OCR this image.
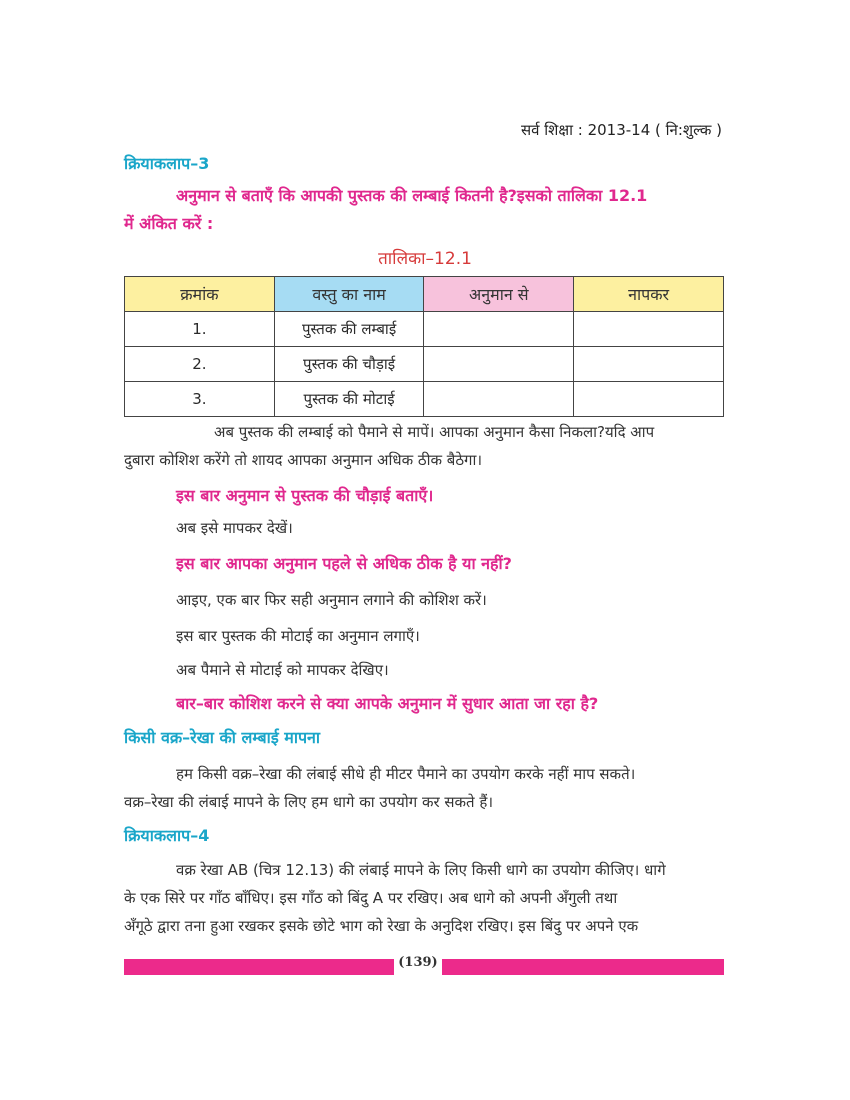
सर्व शिक्षा : 2013-14 ( नि:शुल्क )
क्रियाकलाप–3
अनुमान से बताएँ कि आपकी पुस्तक की लम्बाई कितनी है?इसको तालिका 12.1
में अंकित करें :
तालिका–12.1
क्रमांक	वस्तु का नाम	अनुमान से	नापकर
1.	पुस्तक की लम्बाई		
2.	पुस्तक की चौड़ाई		
3.	पुस्तक की मोटाई		
अब पुस्तक की लम्बाई को पैमाने से मापें। आपका अनुमान कैसा निकला?यदि आप
दुबारा कोशिश करेंगे तो शायद आपका अनुमान अधिक ठीक बैठेगा।
इस बार अनुमान से पुस्तक की चौड़ाई बताएँ।
अब इसे मापकर देखें।
इस बार आपका अनुमान पहले से अधिक ठीक है या नहीं?
आइए, एक बार फिर सही अनुमान लगाने की कोशिश करें।
इस बार पुस्तक की मोटाई का अनुमान लगाएँ।
अब पैमाने से मोटाई को मापकर देखिए।
बार–बार कोशिश करने से क्या आपके अनुमान में सुधार आता जा रहा है?
किसी वक्र–रेखा की लम्बाई मापना
हम किसी वक्र–रेखा की लंबाई सीधे ही मीटर पैमाने का उपयोग करके नहीं माप सकते।
वक्र–रेखा की लंबाई मापने के लिए हम धागे का उपयोग कर सकते हैं।
क्रियाकलाप–4
वक्र रेखा AB (चित्र 12.13) की लंबाई मापने के लिए किसी धागे का उपयोग कीजिए। धागे
के एक सिरे पर गाँठ बाँधिए। इस गाँठ को बिंदु A पर रखिए। अब धागे को अपनी अँगुली तथा
अँगूठे द्वारा तना हुआ रखकर इसके छोटे भाग को रेखा के अनुदिश रखिए। इस बिंदु पर अपने एक
(139)
